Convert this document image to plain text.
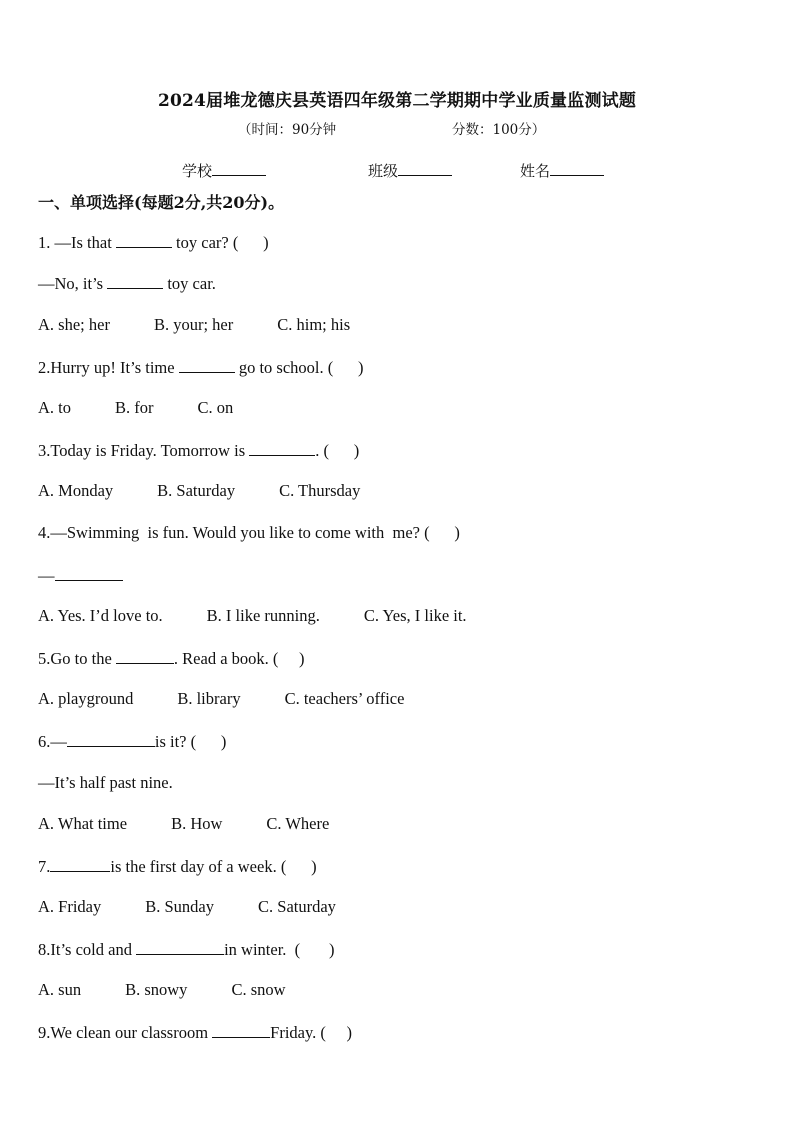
2024届堆龙德庆县英语四年级第二学期期中学业质量监测试题
（时间：90分钟	分数：100分）
学校	班级	姓名
一、单项选择(每题2分,共20分)。
1. —Is that	toy car? (      )
—No, it’s	toy car.
A. she; her	B. your; her	C. him; his
2.Hurry up! It’s time	go to school. (      )
A. to	B. for	C. on
3.Today is Friday. Tomorrow is	. (      )
A. Monday	B. Saturday	C. Thursday
4.—Swimming  is fun. Would you like to come with  me? (      )
—
A. Yes. I’d love to.	B. I like running.	C. Yes, I like it.
5.Go to the	. Read a book. (     )
A. playground	B. library	C. teachers’ office
6.—	is it? (      )
—It’s half past nine.
A. What time	B. How	C. Where
7.	is the first day of a week. (      )
A. Friday	B. Sunday	C. Saturday
8.It’s cold and	in winter.  (       )
A. sun	B. snowy	C. snow
9.We clean our classroom	Friday. (     )
